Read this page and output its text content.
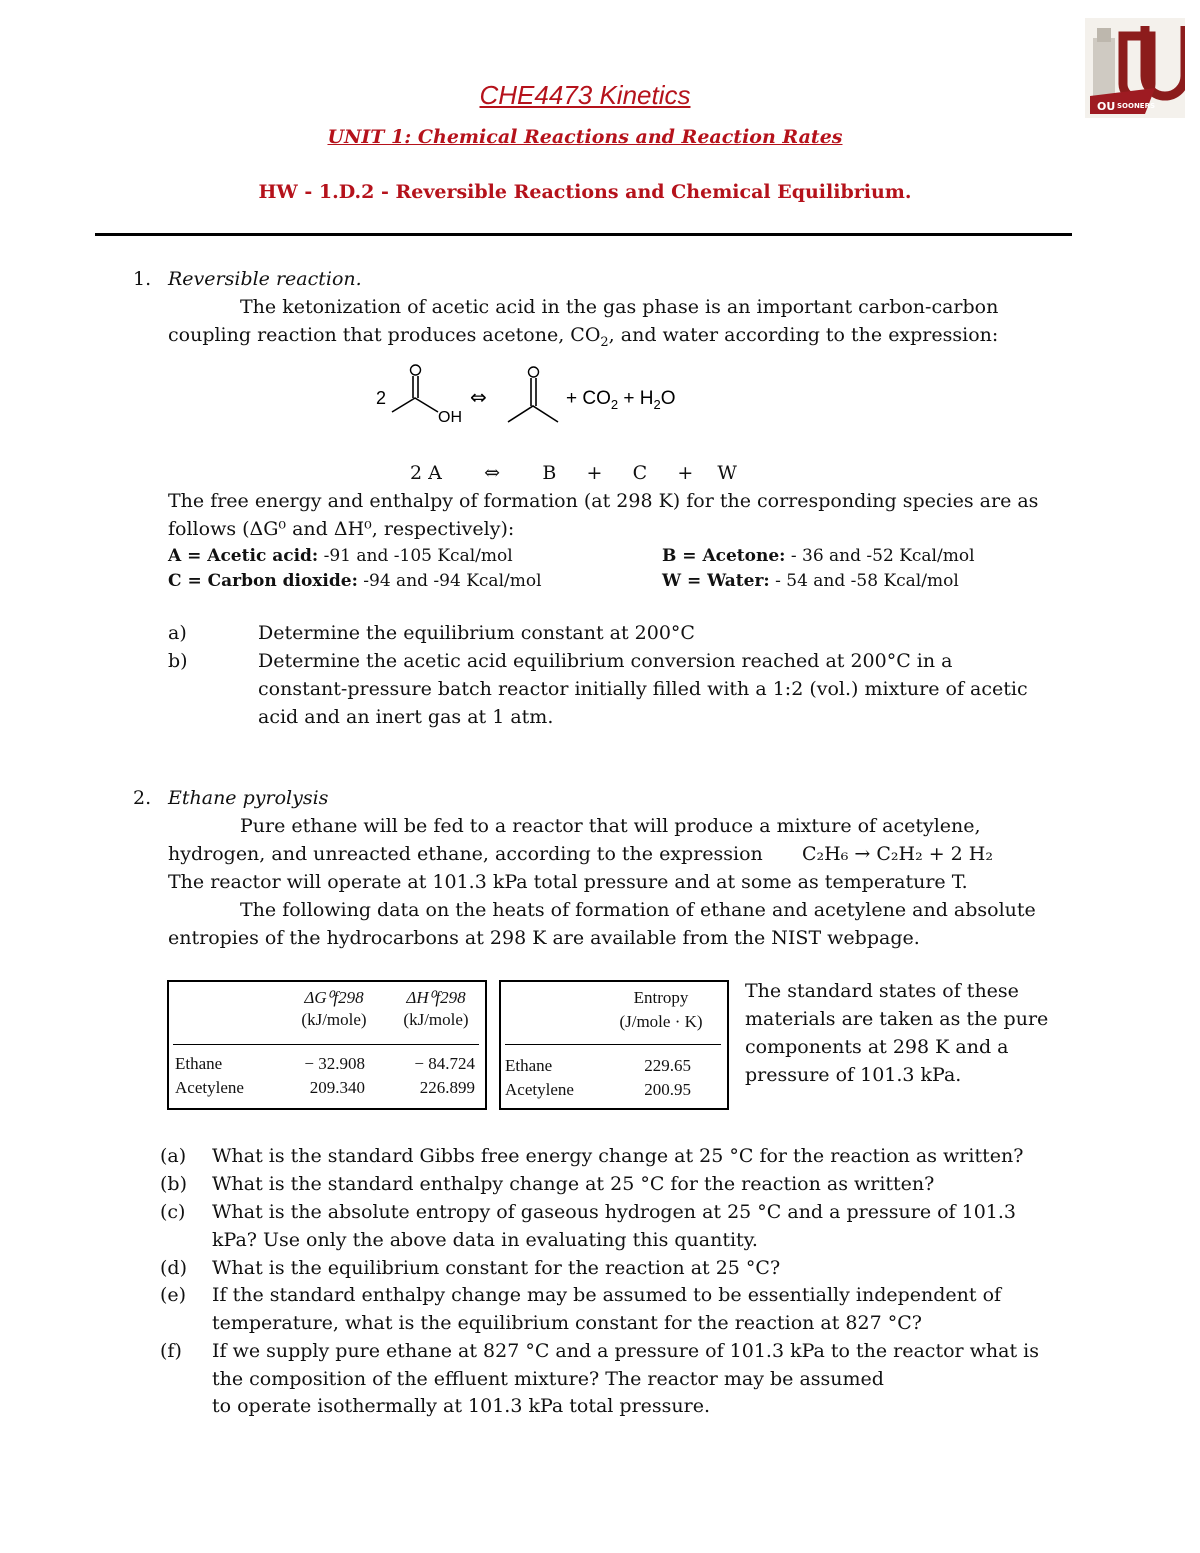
OU SOONERS
CHE4473 Kinetics
UNIT 1: Chemical Reactions and Reaction Rates
HW - 1.D.2 - Reversible Reactions and Chemical Equilibrium.
1. Reversible reaction.
The ketonization of acetic acid in the gas phase is an important carbon-carbon
coupling reaction that produces acetone, $CO_2$, and water according to the expression:
2
OH
⇔	+ $CO_2 + H_2O$
2 A       ⇔       B     +     C     +    W
The free energy and enthalpy of formation (at 298 K) for the corresponding species are as
follows (ΔG⁰ and ΔH⁰, respectively):
A = Acetic acid: -91 and -105 Kcal/mol	B = Acetone: - 36 and -52 Kcal/mol
C = Carbon dioxide: -94 and -94 Kcal/mol	W = Water: - 54 and -58 Kcal/mol
a)	Determine the equilibrium constant at 200°C
b)	Determine the acetic acid equilibrium conversion reached at 200°C in a
constant-pressure batch reactor initially filled with a 1:2 (vol.) mixture of acetic
acid and an inert gas at 1 atm.
2. Ethane pyrolysis
Pure ethane will be fed to a reactor that will produce a mixture of acetylene,
hydrogen, and unreacted ethane, according to the expression C₂H₆ → C₂H₂ + 2 H₂
The reactor will operate at 101.3 kPa total pressure and at some as temperature T.
The following data on the heats of formation of ethane and acetylene and absolute
entropies of the hydrocarbons at 298 K are available from the NIST webpage.
ΔG⁰f298
(kJ/mole)
ΔH⁰f298
(kJ/mole)
Ethane	− 32.908	− 84.724
Acetylene	209.340	226.899
Entropy
(J/mole · K)
Ethane	229.65
Acetylene	200.95
The standard states of these
materials are taken as the pure
components at 298 K and a
pressure of 101.3 kPa.
(a) What is the standard Gibbs free energy change at 25 °C for the reaction as written?
(b) What is the standard enthalpy change at 25 °C for the reaction as written?
(c) What is the absolute entropy of gaseous hydrogen at 25 °C and a pressure of 101.3
kPa? Use only the above data in evaluating this quantity.
(d) What is the equilibrium constant for the reaction at 25 °C?
(e) If the standard enthalpy change may be assumed to be essentially independent of
temperature, what is the equilibrium constant for the reaction at 827 °C?
(f) If we supply pure ethane at 827 °C and a pressure of 101.3 kPa to the reactor what is
the composition of the effluent mixture? The reactor may be assumed
to operate isothermally at 101.3 kPa total pressure.
